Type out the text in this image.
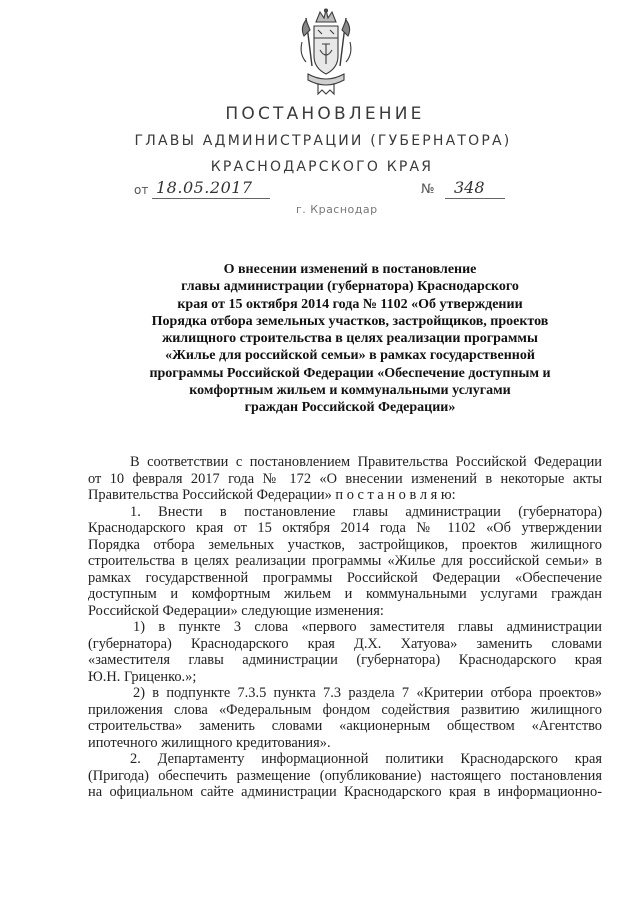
ПОСТАНОВЛЕНИЕ
ГЛАВЫ АДМИНИСТРАЦИИ (ГУБЕРНАТОРА)
КРАСНОДАРСКОГО КРАЯ
от 18.05.2017	№ 348
г. Краснодар
О внесении изменений в постановление
главы администрации (губернатора) Краснодарского
края от 15 октября 2014 года № 1102 «Об утверждении
Порядка отбора земельных участков, застройщиков, проектов
жилищного строительства в целях реализации программы
«Жилье для российской семьи» в рамках государственной
программы Российской Федерации «Обеспечение доступным и
комфортным жильем и коммунальными услугами
граждан Российской Федерации»
В соответствии с постановлением Правительства Российской Федерации
от 10 февраля 2017 года № 172 «О внесении изменений в некоторые акты
Правительства Российской Федерации» п о с т а н о в л я ю:
1. Внести в постановление главы администрации (губернатора)
Краснодарского края от 15 октября 2014 года № 1102 «Об утверждении
Порядка отбора земельных участков, застройщиков, проектов жилищного
строительства в целях реализации программы «Жилье для российской семьи» в
рамках государственной программы Российской Федерации «Обеспечение
доступным и комфортным жильем и коммунальными услугами граждан
Российской Федерации» следующие изменения:
1) в пункте 3 слова «первого заместителя главы администрации
(губернатора) Краснодарского края Д.Х. Хатуова» заменить словами
«заместителя главы администрации (губернатора) Краснодарского края
Ю.Н. Гриценко.»;
2) в подпункте 7.3.5 пункта 7.3 раздела 7 «Критерии отбора проектов»
приложения слова «Федеральным фондом содействия развитию жилищного
строительства» заменить словами «акционерным обществом «Агентство
ипотечного жилищного кредитования».
2. Департаменту информационной политики Краснодарского края
(Пригода) обеспечить размещение (опубликование) настоящего постановления
на официальном сайте администрации Краснодарского края в информационно-
